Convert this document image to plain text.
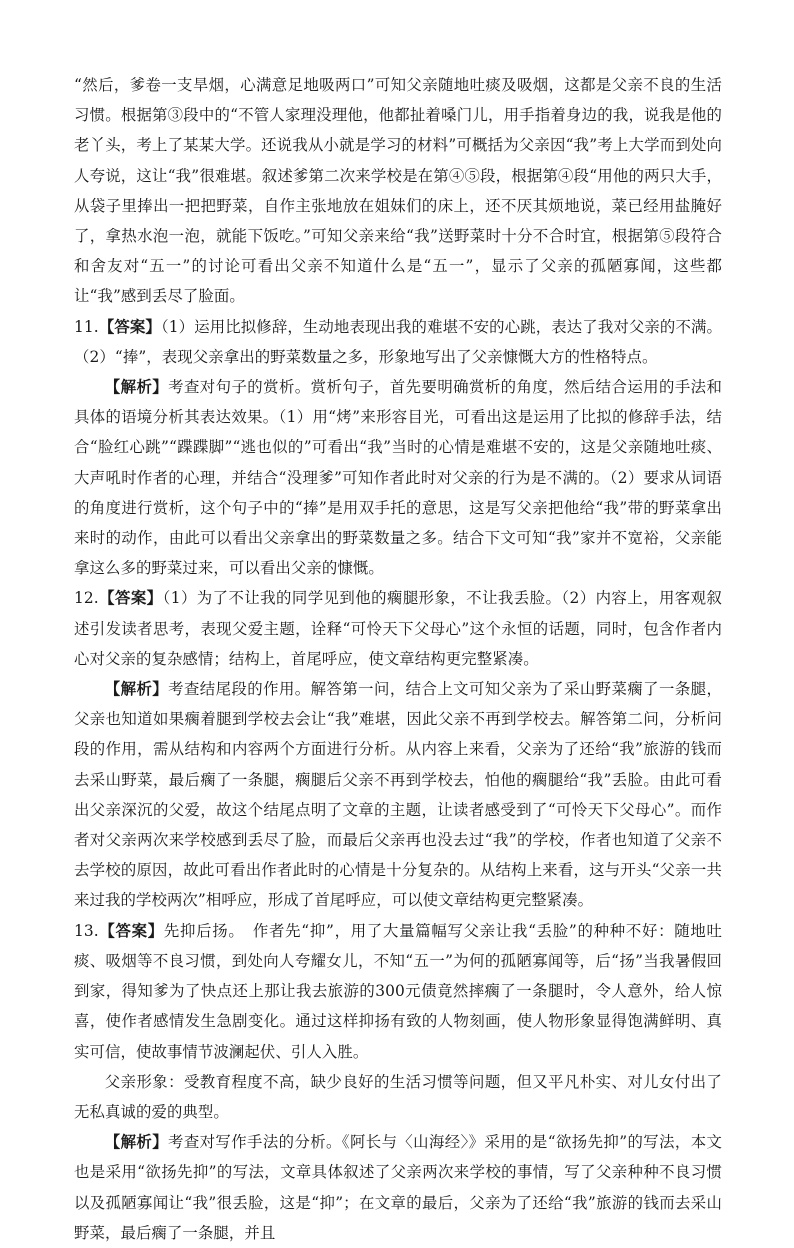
“然后，爹卷一支旱烟，心满意足地吸两口”可知父亲随地吐痰及吸烟，这都是父亲不良的生活习惯。根据第③段中的“不管人家理没理他，他都扯着嗓门儿，用手指着身边的我，说我是他的老丫头，考上了某某大学。还说我从小就是学习的材料”可概括为父亲因“我”考上大学而到处向人夸说，这让“我”很难堪。叙述爹第二次来学校是在第④⑤段，根据第④段“用他的两只大手，从袋子里捧出一把把野菜，自作主张地放在姐妹们的床上，还不厌其烦地说，菜已经用盐腌好了，拿热水泡一泡，就能下饭吃。”可知父亲来给“我”送野菜时十分不合时宜，根据第⑤段符合和舍友对“五一”的讨论可看出父亲不知道什么是“五一”，显示了父亲的孤陋寡闻，这些都让“我”感到丢尽了脸面。

11.【答案】（1）运用比拟修辞，生动地表现出我的难堪不安的心跳，表达了我对父亲的不满。（2）“捧”，表现父亲拿出的野菜数量之多，形象地写出了父亲慷慨大方的性格特点。

【解析】考查对句子的赏析。赏析句子，首先要明确赏析的角度，然后结合运用的手法和具体的语境分析其表达效果。（1）用“烤”来形容目光，可看出这是运用了比拟的修辞手法，结合“脸红心跳”“蹀蹀脚”“逃也似的”可看出“我”当时的心情是难堪不安的，这是父亲随地吐痰、大声吼时作者的心理，并结合“没理爹”可知作者此时对父亲的行为是不满的。（2）要求从词语的角度进行赏析，这个句子中的“捧”是用双手托的意思，这是写父亲把他给“我”带的野菜拿出来时的动作，由此可以看出父亲拿出的野菜数量之多。结合下文可知“我”家并不宽裕，父亲能拿这么多的野菜过来，可以看出父亲的慷慨。

12.【答案】（1）为了不让我的同学见到他的瘸腿形象，不让我丢脸。（2）内容上，用客观叙述引发读者思考，表现父爱主题，诠释“可怜天下父母心”这个永恒的话题，同时，包含作者内心对父亲的复杂感情；结构上，首尾呼应，使文章结构更完整紧凑。

【解析】考查结尾段的作用。解答第一问，结合上文可知父亲为了采山野菜瘸了一条腿，父亲也知道如果瘸着腿到学校去会让“我”难堪，因此父亲不再到学校去。解答第二问，分析问段的作用，需从结构和内容两个方面进行分析。从内容上来看，父亲为了还给“我”旅游的钱而去采山野菜，最后瘸了一条腿，瘸腿后父亲不再到学校去，怕他的瘸腿给“我”丢脸。由此可看出父亲深沉的父爱，故这个结尾点明了文章的主题，让读者感受到了“可怜天下父母心”。而作者对父亲两次来学校感到丢尽了脸，而最后父亲再也没去过“我”的学校，作者也知道了父亲不去学校的原因，故此可看出作者此时的心情是十分复杂的。从结构上来看，这与开头“父亲一共来过我的学校两次”相呼应，形成了首尾呼应，可以使文章结构更完整紧凑。

13.【答案】先抑后扬。　作者先“抑”，用了大量篇幅写父亲让我“丢脸”的种种不好：随地吐痰、吸烟等不良习惯，到处向人夸耀女儿，不知“五一”为何的孤陋寡闻等，后“扬”当我暑假回到家，得知爹为了快点还上那让我去旅游的300元债竟然摔瘸了一条腿时，令人意外，给人惊喜，使作者感情发生急剧变化。通过这样抑扬有致的人物刻画，使人物形象显得饱满鲜明、真实可信，使故事情节波澜起伏、引人入胜。

父亲形象：受教育程度不高，缺少良好的生活习惯等问题，但又平凡朴实、对儿女付出了无私真诚的爱的典型。

【解析】考查对写作手法的分析。《阿长与〈山海经〉》采用的是“欲扬先抑”的写法，本文也是采用“欲扬先抑”的写法，文章具体叙述了父亲两次来学校的事情，写了父亲种种不良习惯以及孤陋寡闻让“我”很丢脸，这是“抑”；在文章的最后，父亲为了还给“我”旅游的钱而去采山野菜，最后瘸了一条腿，并且
